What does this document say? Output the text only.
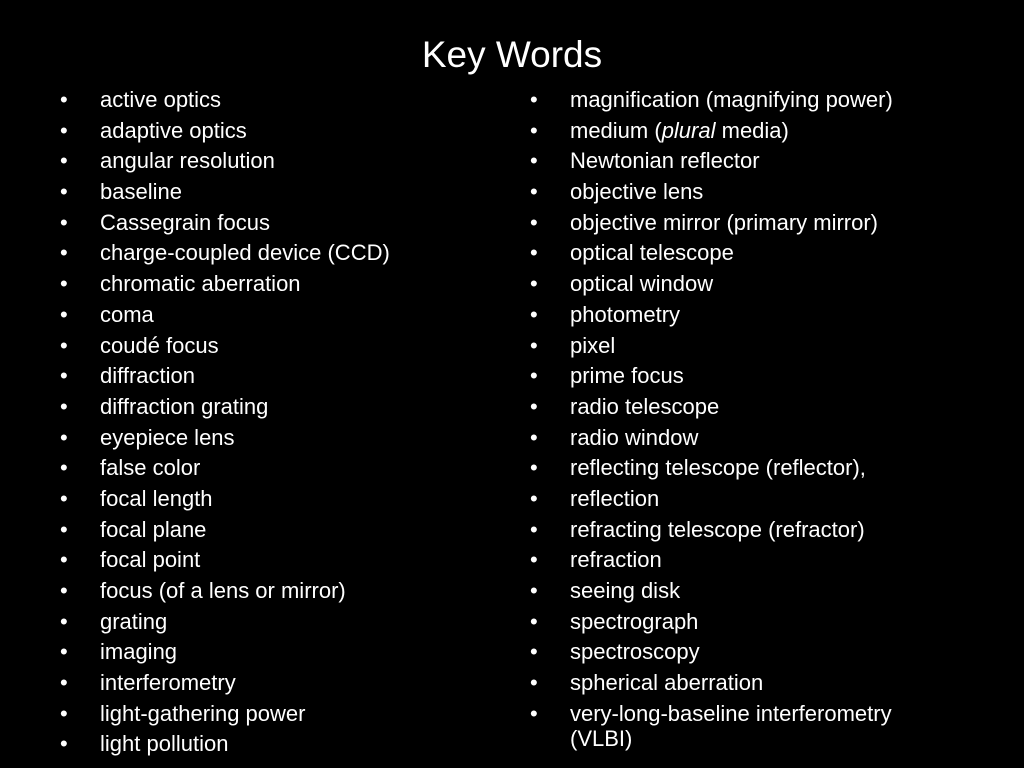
Key Words
•	active optics
•	adaptive optics
•	angular resolution
•	baseline
•	Cassegrain focus
•	charge-coupled device (CCD)
•	chromatic aberration
•	coma
•	coudé focus
•	diffraction
•	diffraction grating
•	eyepiece lens
•	false color
•	focal length
•	focal plane
•	focal point
•	focus (of a lens or mirror)
•	grating
•	imaging
•	interferometry
•	light-gathering power
•	light pollution
•	magnification (magnifying power)
•	medium (plural media)
•	Newtonian reflector
•	objective lens
•	objective mirror (primary mirror)
•	optical telescope
•	optical window
•	photometry
•	pixel
•	prime focus
•	radio telescope
•	radio window
•	reflecting telescope (reflector),
•	reflection
•	refracting telescope (refractor)
•	refraction
•	seeing disk
•	spectrograph
•	spectroscopy
•	spherical aberration
•	very-long-baseline interferometry
(VLBI)
